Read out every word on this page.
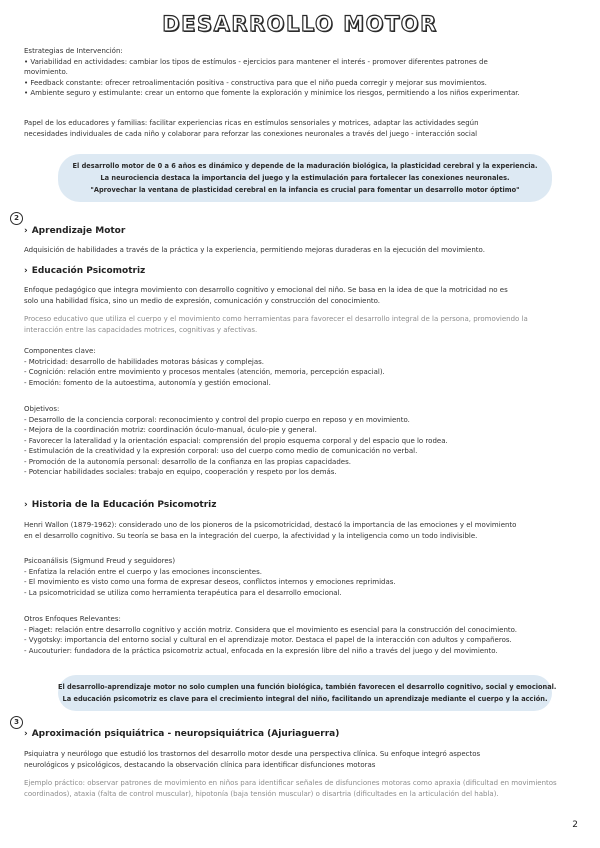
DESARROLLO MOTOR
Estrategias de Intervención:
• Variabilidad en actividades: cambiar los tipos de estímulos - ejercicios para mantener el interés - promover diferentes patrones de
movimiento.
• Feedback constante: ofrecer retroalimentación positiva - constructiva para que el niño pueda corregir y mejorar sus movimientos.
• Ambiente seguro y estimulante: crear un entorno que fomente la exploración y minimice los riesgos, permitiendo a los niños experimentar.
Papel de los educadores y familias: facilitar experiencias ricas en estímulos sensoriales y motrices, adaptar las actividades según
necesidades individuales de cada niño y colaborar para reforzar las conexiones neuronales a través del juego - interacción social

El desarrollo motor de 0 a 6 años es dinámico y depende de la maduración biológica, la plasticidad cerebral y la experiencia.

La neurociencia destaca la importancia del juego y la estimulación para fortalecer las conexiones neuronales.

"Aprovechar la ventana de plasticidad cerebral en la infancia es crucial para fomentar un desarrollo motor óptimo"

2
› Aprendizaje Motor
Adquisición de habilidades a través de la práctica y la experiencia, permitiendo mejoras duraderas en la ejecución del movimiento.
› Educación Psicomotriz
Enfoque pedagógico que integra movimiento con desarrollo cognitivo y emocional del niño. Se basa en la idea de que la motricidad no es
solo una habilidad física, sino un medio de expresión, comunicación y construcción del conocimiento.
Proceso educativo que utiliza el cuerpo y el movimiento como herramientas para favorecer el desarrollo integral de la persona, promoviendo la
interacción entre las capacidades motrices, cognitivas y afectivas.
Componentes clave:
- Motricidad: desarrollo de habilidades motoras básicas y complejas.
- Cognición: relación entre movimiento y procesos mentales (atención, memoria, percepción espacial).
- Emoción: fomento de la autoestima, autonomía y gestión emocional.
Objetivos:
- Desarrollo de la conciencia corporal: reconocimiento y control del propio cuerpo en reposo y en movimiento.
- Mejora de la coordinación motriz: coordinación óculo-manual, óculo-pie y general.
- Favorecer la lateralidad y la orientación espacial: comprensión del propio esquema corporal y del espacio que lo rodea.
- Estimulación de la creatividad y la expresión corporal: uso del cuerpo como medio de comunicación no verbal.
- Promoción de la autonomía personal: desarrollo de la confianza en las propias capacidades.
- Potenciar habilidades sociales: trabajo en equipo, cooperación y respeto por los demás.
› Historia de la Educación Psicomotriz
Henri Wallon (1879-1962): considerado uno de los pioneros de la psicomotricidad, destacó la importancia de las emociones y el movimiento
en el desarrollo cognitivo. Su teoría se basa en la integración del cuerpo, la afectividad y la inteligencia como un todo indivisible.
Psicoanálisis (Sigmund Freud y seguidores)
- Enfatiza la relación entre el cuerpo y las emociones inconscientes.
- El movimiento es visto como una forma de expresar deseos, conflictos internos y emociones reprimidas.
- La psicomotricidad se utiliza como herramienta terapéutica para el desarrollo emocional.
Otros Enfoques Relevantes:
- Piaget: relación entre desarrollo cognitivo y acción motriz. Considera que el movimiento es esencial para la construcción del conocimiento.
- Vygotsky: importancia del entorno social y cultural en el aprendizaje motor. Destaca el papel de la interacción con adultos y compañeros.
- Aucouturier: fundadora de la práctica psicomotriz actual, enfocada en la expresión libre del niño a través del juego y del movimiento.

El desarrollo-aprendizaje motor no solo cumplen una función biológica, también favorecen el desarrollo cognitivo, social y emocional.

La educación psicomotriz es clave para el crecimiento integral del niño, facilitando un aprendizaje mediante el cuerpo y la acción.

3
› Aproximación psiquiátrica - neuropsiquiátrica (Ajuriaguerra)
Psiquiatra y neurólogo que estudió los trastornos del desarrollo motor desde una perspectiva clínica. Su enfoque integró aspectos
neurológicos y psicológicos, destacando la observación clínica para identificar disfunciones motoras
Ejemplo práctico: observar patrones de movimiento en niños para identificar señales de disfunciones motoras como apraxia (dificultad en movimientos
coordinados), ataxia (falta de control muscular), hipotonía (baja tensión muscular) o disartria (dificultades en la articulación del habla).
2
